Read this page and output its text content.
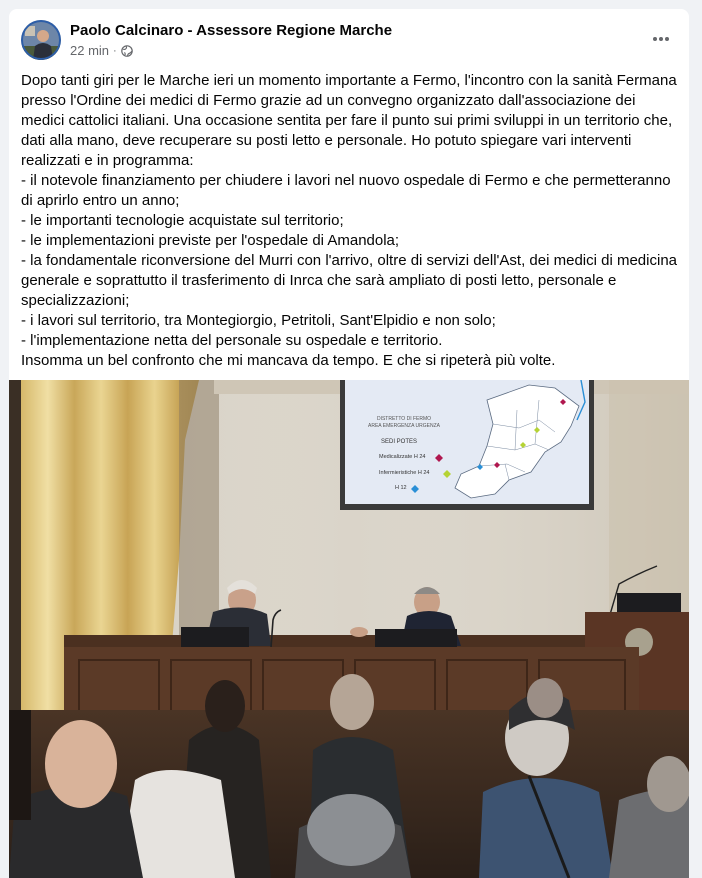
Paolo Calcinaro - Assessore Regione Marche
22 min ·

Dopo tanti giri per le Marche ieri un momento importante a Fermo, l'incontro con la sanità Fermana presso l'Ordine dei medici di Fermo grazie ad un convegno organizzato dall'associazione dei medici cattolici italiani. Una occasione sentita per fare il punto sui primi sviluppi in un territorio che, dati alla mano, deve recuperare su posti letto e personale. Ho potuto spiegare vari interventi realizzati e in programma:
- il notevole finanziamento per chiudere i lavori nel nuovo ospedale di Fermo e che permetteranno di aprirlo entro un anno;
- le importanti tecnologie acquistate sul territorio;
- le implementazioni previste per l'ospedale di Amandola;
- la fondamentale riconversione del Murri con l'arrivo, oltre di servizi dell'Ast, dei medici di medicina generale e soprattutto il trasferimento di Inrca che sarà ampliato di posti letto, personale e specializzazioni;
- i lavori sul territorio, tra Montegiorgio, Petritoli, Sant'Elpidio e non solo;
- l'implementazione netta del personale su ospedale e territorio.
Insomma un bel confronto che mi mancava da tempo. E che si ripeterà più volte.

DISTRETTO DI FERMO
AREA EMERGENZA URGENZA
SEDI POTES
Medicalizzate H 24
Infermieristiche H 24
H 12
